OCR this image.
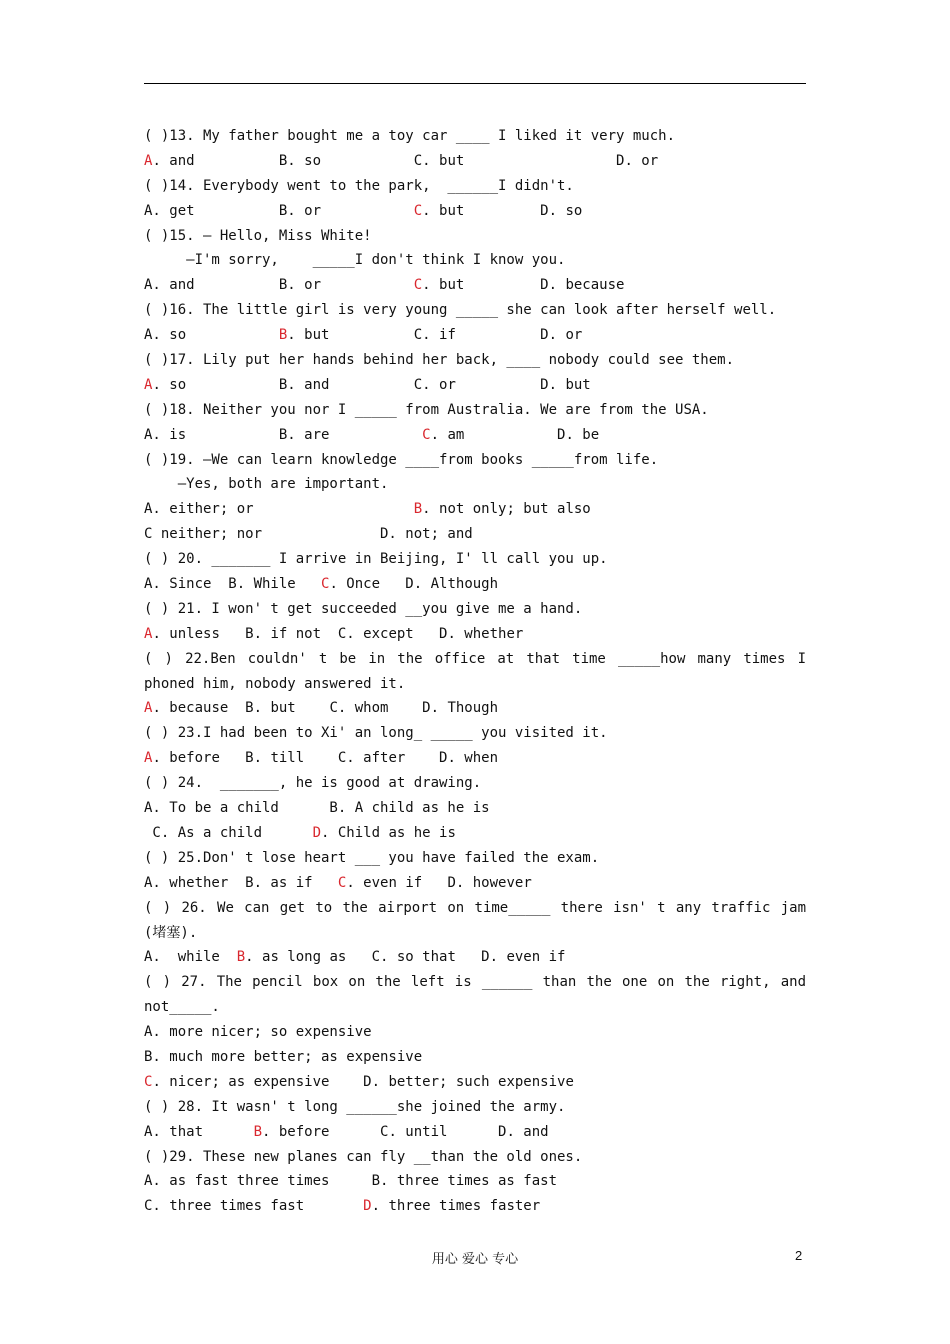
( )13. My father bought me a toy car ____ I liked it very much.
A. and          B. so           C. but                  D. or
( )14. Everybody went to the park,  ______I didn't.
A. get          B. or           C. but         D. so
( )15. — Hello, Miss White!
—I'm sorry,    _____I don't think I know you.
A. and          B. or           C. but         D. because
( )16. The little girl is very young _____ she can look after herself well.
A. so           B. but          C. if          D. or
( )17. Lily put her hands behind her back, ____ nobody could see them.
A. so           B. and          C. or          D. but
( )18. Neither you nor I _____ from Australia. We are from the USA.
A. is           B. are           C. am           D. be
( )19. —We can learn knowledge ____from books _____from life.
—Yes, both are important.
A. either; or                   B. not only; but also
C neither; nor              D. not; and
( ) 20. _______ I arrive in Beijing, I' ll call you up.
A. Since  B. While   C. Once   D. Although
( ) 21. I won' t get succeeded __you give me a hand.
A. unless   B. if not  C. except   D. whether
( ) 22.Ben couldn' t be in the office at that time _____how many times I
phoned him, nobody answered it.
A. because  B. but    C. whom    D. Though
( ) 23.I had been to Xi' an long_ _____ you visited it.
A. before   B. till    C. after    D. when
( ) 24.  _______, he is good at drawing.
A. To be a child      B. A child as he is
C. As a child      D. Child as he is
( ) 25.Don' t lose heart ___ you have failed the exam.
A. whether  B. as if   C. even if   D. however
( ) 26. We can get to the airport on time_____ there isn' t any traffic jam
(堵塞).
A.  while  B. as long as   C. so that   D. even if
( ) 27. The pencil box on the left is ______ than the one on the right, and
not_____.
A. more nicer; so expensive
B. much more better; as expensive
C. nicer; as expensive    D. better; such expensive
( ) 28. It wasn' t long ______she joined the army.
A. that      B. before      C. until      D. and
( )29. These new planes can fly __than the old ones.
A. as fast three times     B. three times as fast
C. three times fast       D. three times faster
用心 爱心 专心	2
